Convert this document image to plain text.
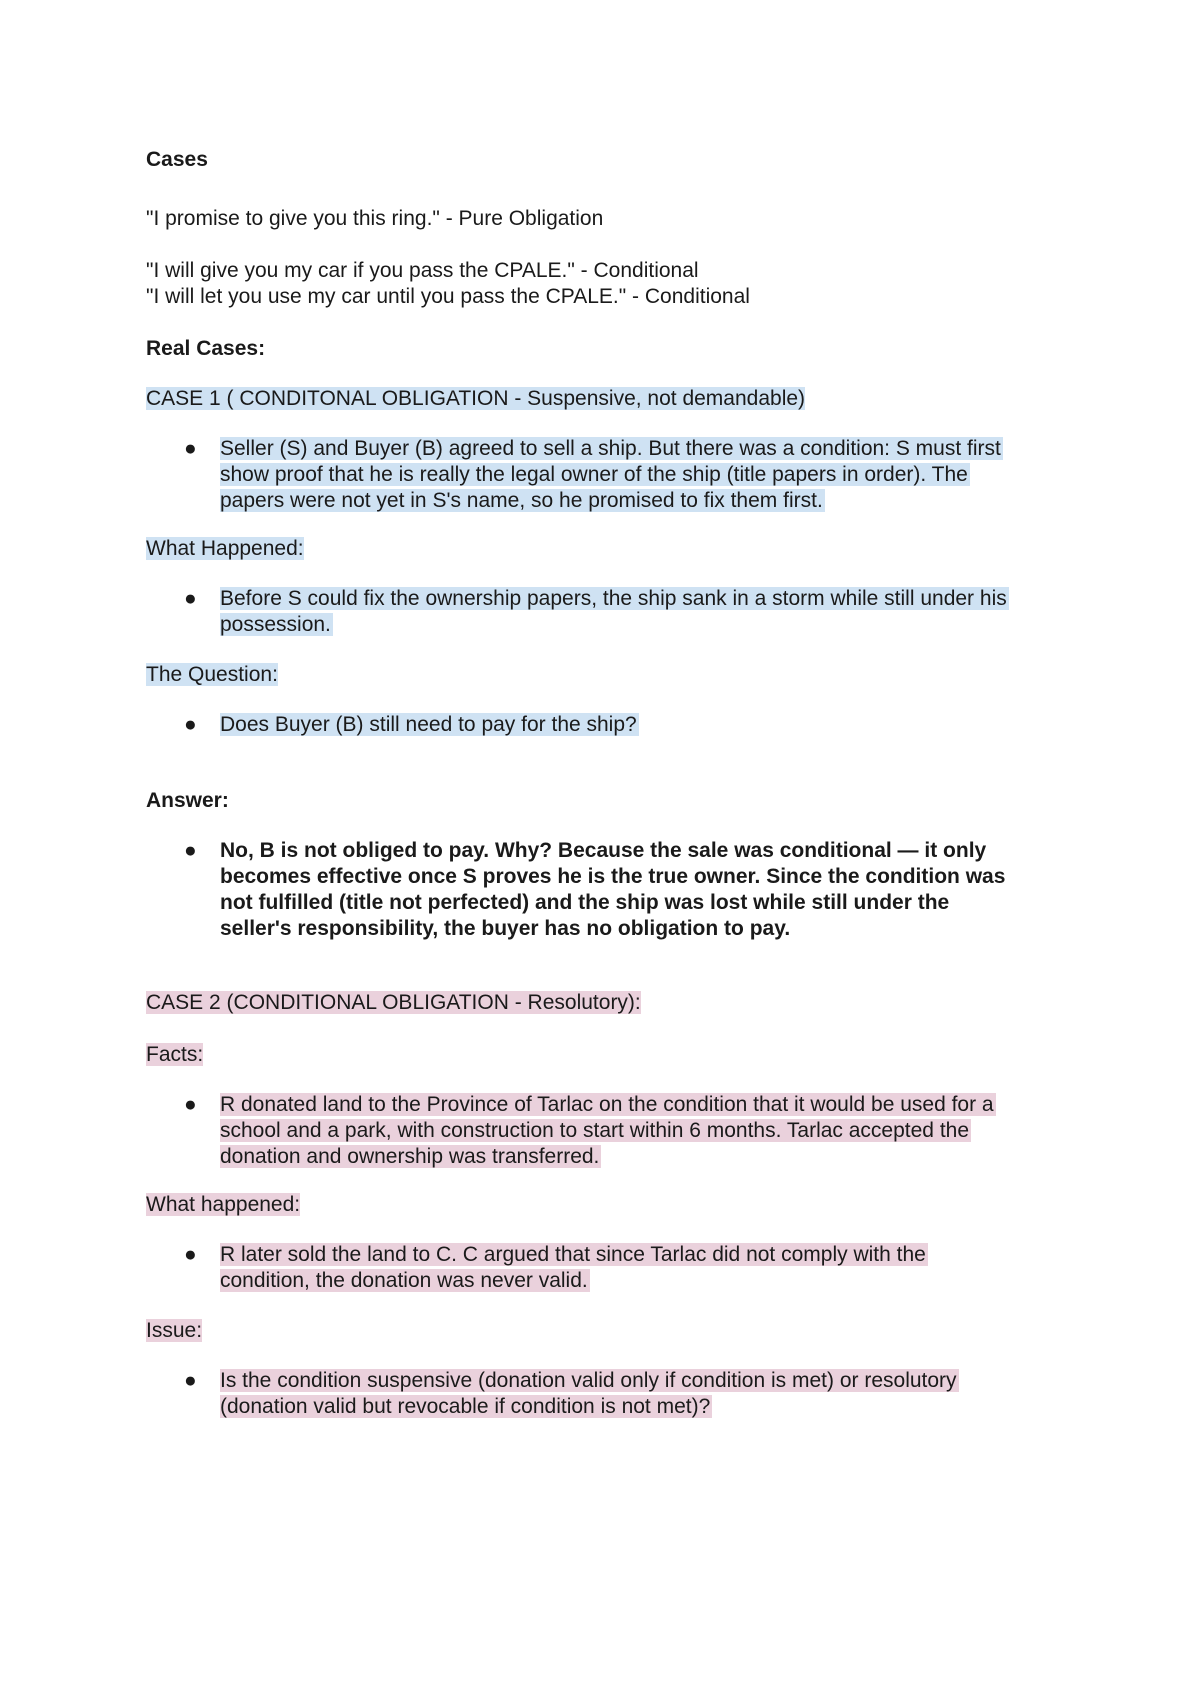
Cases
"I promise to give you this ring." - Pure Obligation
"I will give you my car if you pass the CPALE." - Conditional
"I will let you use my car until you pass the CPALE." - Conditional
Real Cases:
CASE 1 ( CONDITONAL OBLIGATION - Suspensive, not demandable)
● Seller (S) and Buyer (B) agreed to sell a ship. But there was a condition: S must first
show proof that he is really the legal owner of the ship (title papers in order). The
papers were not yet in S's name, so he promised to fix them first.
What Happened:
● Before S could fix the ownership papers, the ship sank in a storm while still under his
possession.
The Question:
● Does Buyer (B) still need to pay for the ship?
Answer:
● No, B is not obliged to pay. Why? Because the sale was conditional — it only
becomes effective once S proves he is the true owner. Since the condition was
not fulfilled (title not perfected) and the ship was lost while still under the
seller's responsibility, the buyer has no obligation to pay.
CASE 2 (CONDITIONAL OBLIGATION - Resolutory):
Facts:
● R donated land to the Province of Tarlac on the condition that it would be used for a
school and a park, with construction to start within 6 months. Tarlac accepted the
donation and ownership was transferred.
What happened:
● R later sold the land to C. C argued that since Tarlac did not comply with the
condition, the donation was never valid.
Issue:
● Is the condition suspensive (donation valid only if condition is met) or resolutory
(donation valid but revocable if condition is not met)?
